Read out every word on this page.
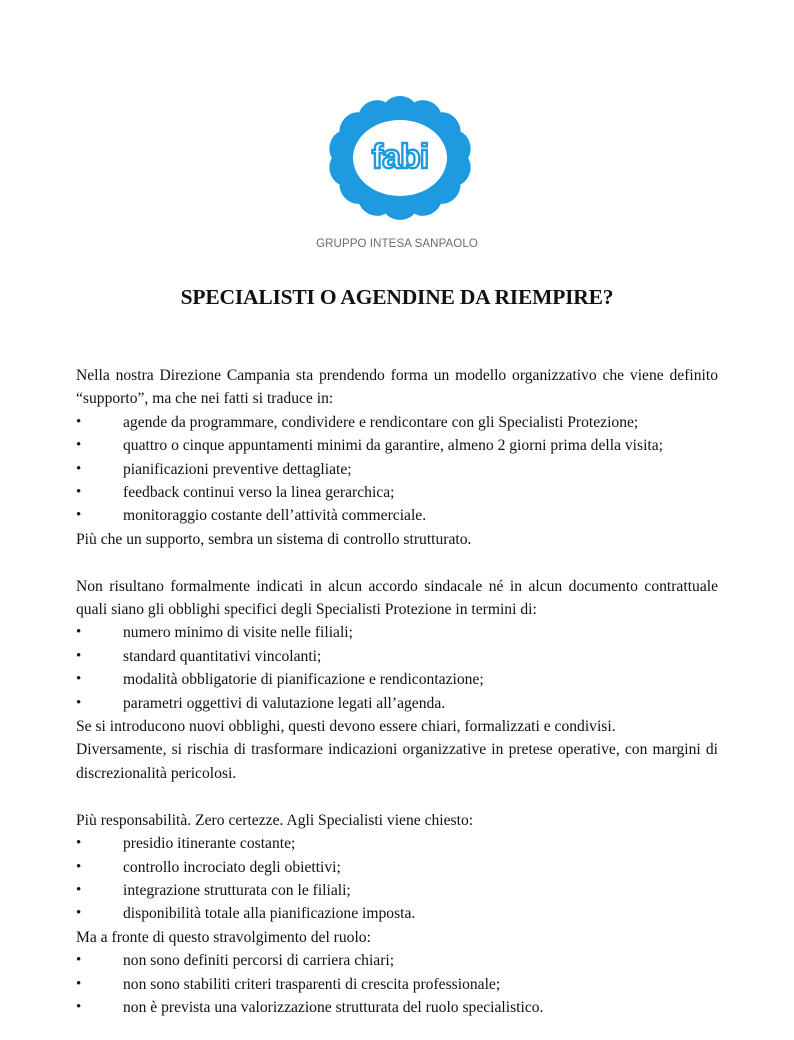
fabi
GRUPPO INTESA SANPAOLO
SPECIALISTI O AGENDINE DA RIEMPIRE?

Nella nostra Direzione Campania sta prendendo forma un modello organizzativo che viene definito “supporto”, ma che nei fatti si traduce in:

•	agende da programmare, condividere e rendicontare con gli Specialisti Protezione;
•	quattro o cinque appuntamenti minimi da garantire, almeno 2 giorni prima della visita;
•	pianificazioni preventive dettagliate;
•	feedback continui verso la linea gerarchica;
•	monitoraggio costante dell’attività commerciale.

Più che un supporto, sembra un sistema di controllo strutturato.

Non risultano formalmente indicati in alcun accordo sindacale né in alcun documento contrattuale quali siano gli obblighi specifici degli Specialisti Protezione in termini di:

•	numero minimo di visite nelle filiali;
•	standard quantitativi vincolanti;
•	modalità obbligatorie di pianificazione e rendicontazione;
•	parametri oggettivi di valutazione legati all’agenda.

Se si introducono nuovi obblighi, questi devono essere chiari, formalizzati e condivisi.

Diversamente, si rischia di trasformare indicazioni organizzative in pretese operative, con margini di discrezionalità pericolosi.

Più responsabilità. Zero certezze. Agli Specialisti viene chiesto:

•	presidio itinerante costante;
•	controllo incrociato degli obiettivi;
•	integrazione strutturata con le filiali;
•	disponibilità totale alla pianificazione imposta.

Ma a fronte di questo stravolgimento del ruolo:

•	non sono definiti percorsi di carriera chiari;
•	non sono stabiliti criteri trasparenti di crescita professionale;
•	non è prevista una valorizzazione strutturata del ruolo specialistico.
